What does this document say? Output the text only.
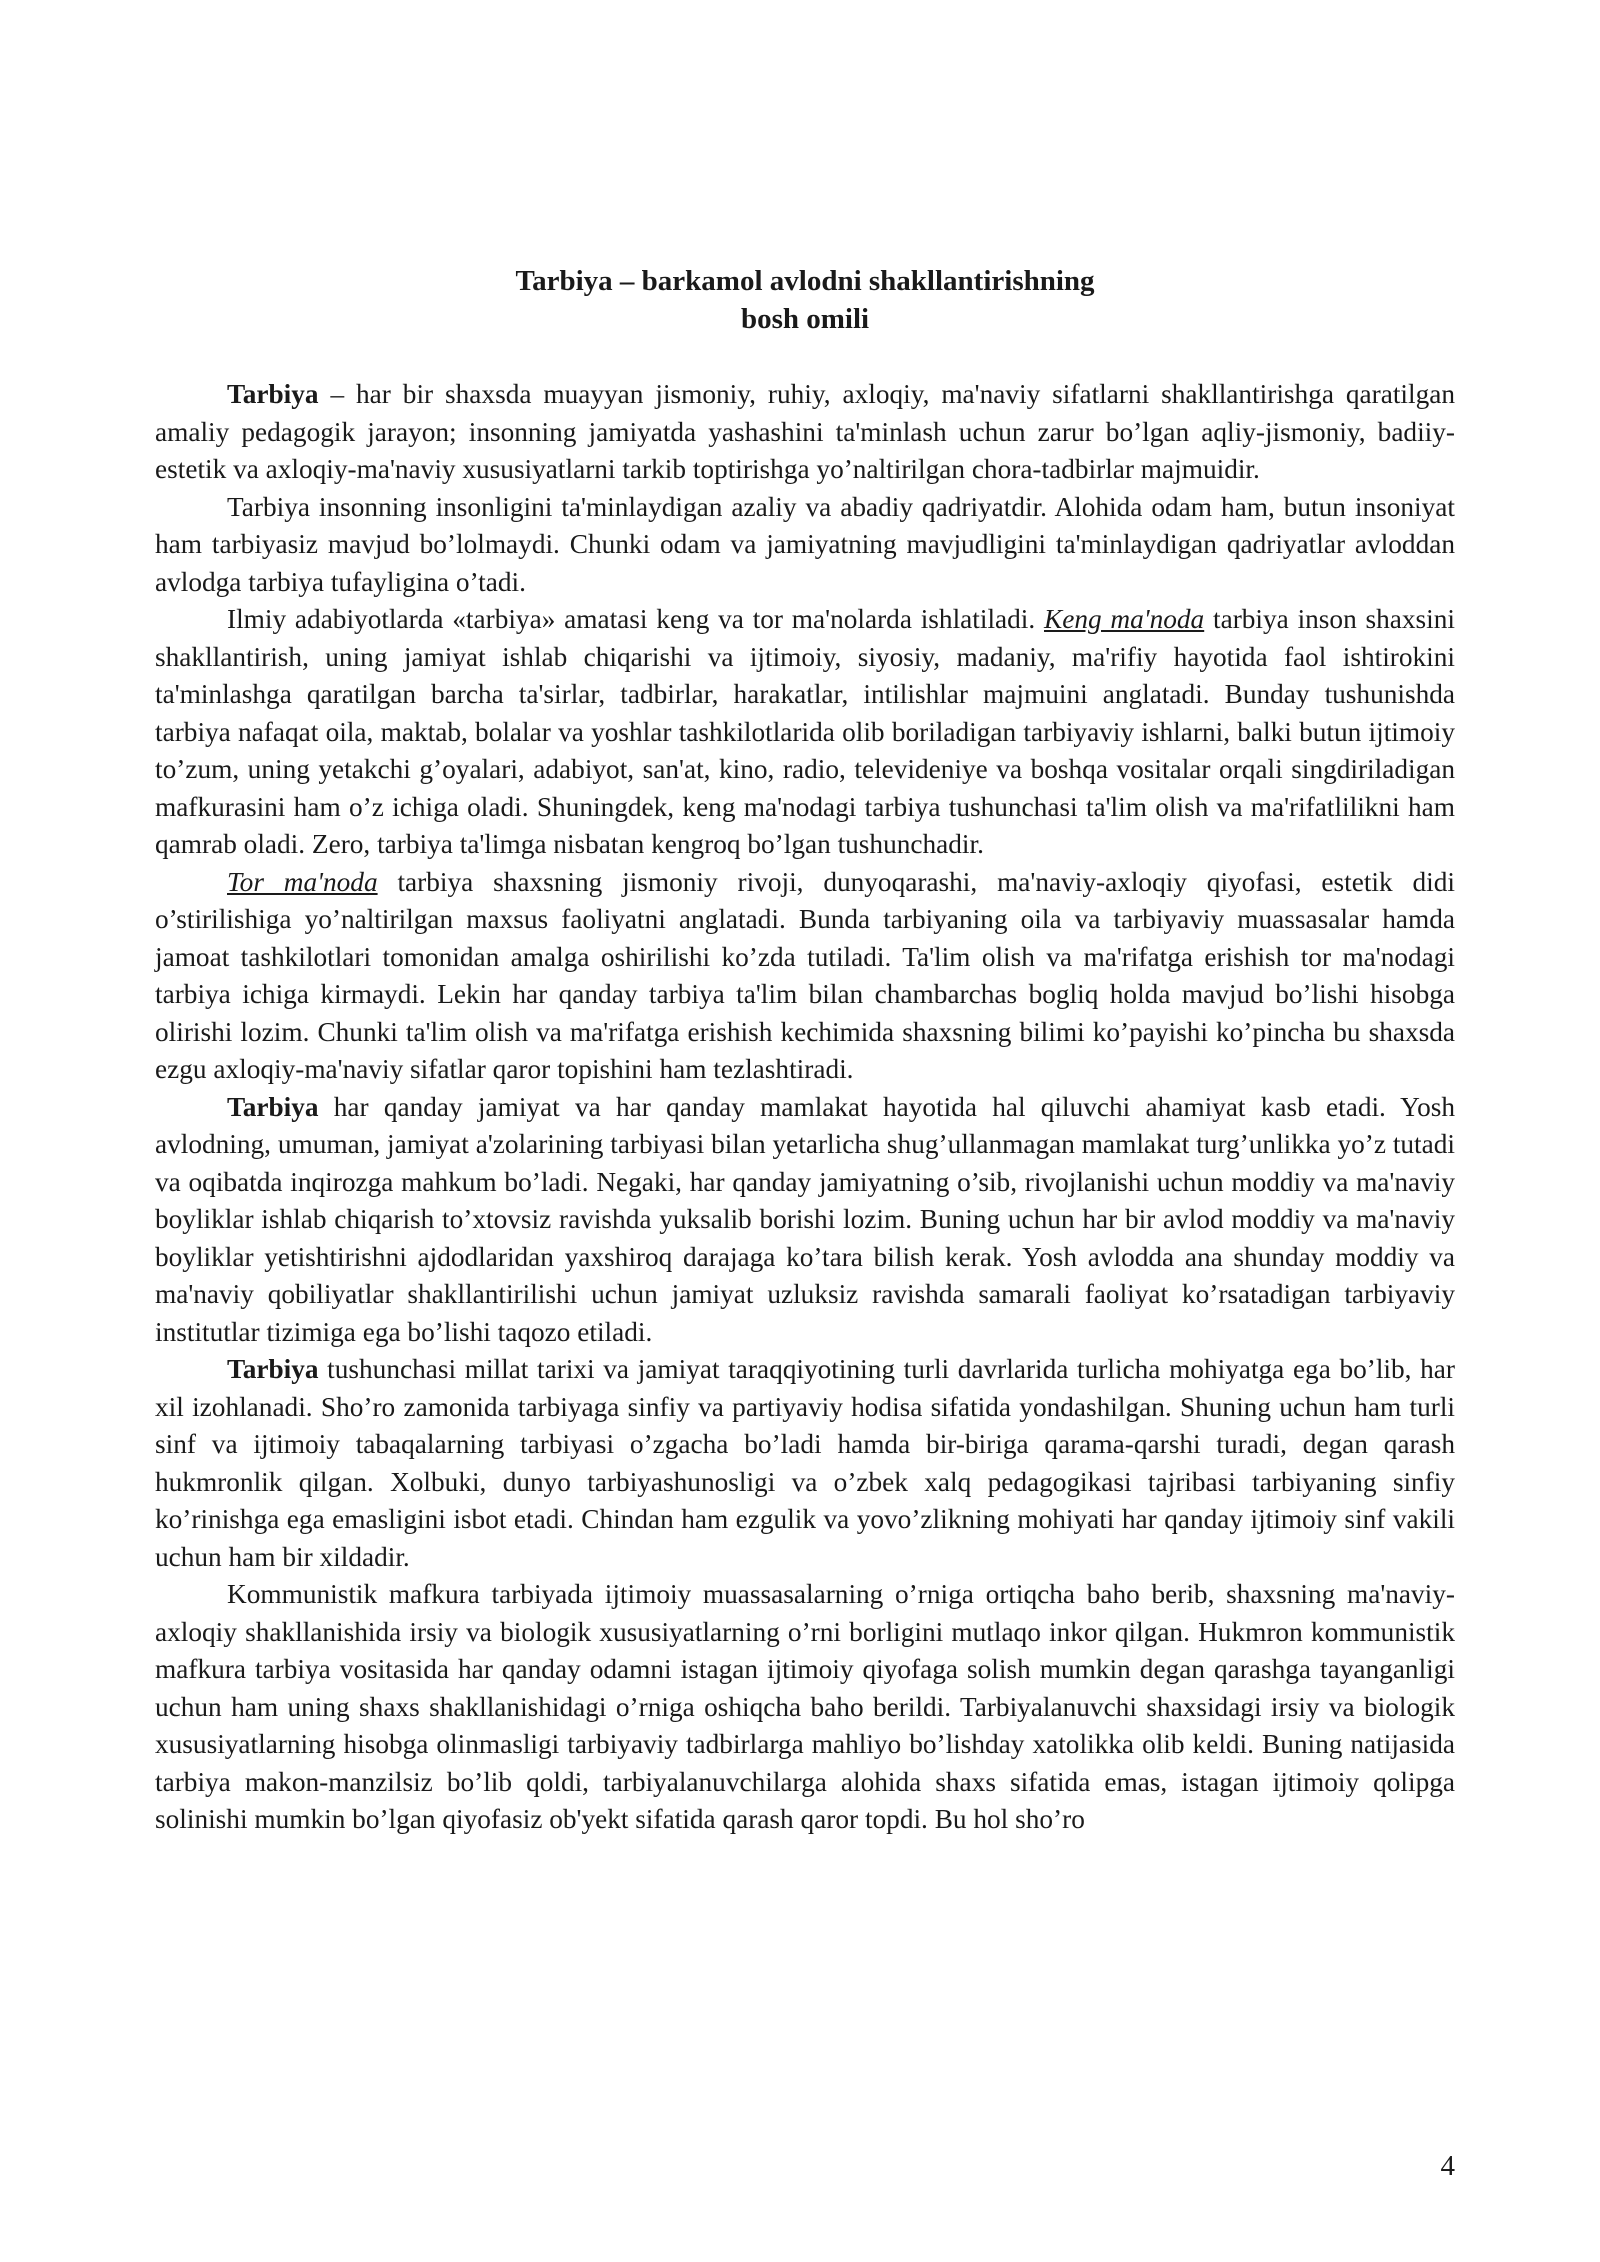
Tarbiya – barkamol avlodni shakllantirishning
bosh omili

Tarbiya – har bir shaxsda muayyan jismoniy, ruhiy, axloqiy, ma'naviy sifatlarni shakllantirishga qaratilgan amaliy pedagogik jarayon; insonning jamiyatda yashashini ta'minlash uchun zarur bo’lgan aqliy-jismoniy, badiiy-estetik va axloqiy-ma'naviy xususiyatlarni tarkib toptirishga yo’naltirilgan chora-tadbirlar majmuidir.

Tarbiya insonning insonligini ta'minlaydigan azaliy va abadiy qadriyatdir. Alohida odam ham, butun insoniyat ham tarbiyasiz mavjud bo’lolmaydi. Chunki odam va jamiyatning mavjudligini ta'minlaydigan qadriyatlar avloddan avlodga tarbiya tufayligina o’tadi.

Ilmiy adabiyotlarda «tarbiya» amatasi keng va tor ma'nolarda ishlatiladi. Keng ma'noda tarbiya inson shaxsini shakllantirish, uning jamiyat ishlab chiqarishi va ijtimoiy, siyosiy, madaniy, ma'rifiy hayotida faol ishtirokini ta'minlashga qaratilgan barcha ta'sirlar, tadbirlar, harakatlar, intilishlar majmuini anglatadi. Bunday tushunishda tarbiya nafaqat oila, maktab, bolalar va yoshlar tashkilotlarida olib boriladigan tarbiyaviy ishlarni, balki butun ijtimoiy to’zum, uning yetakchi g’oyalari, adabiyot, san'at, kino, radio, televideniye va boshqa vositalar orqali singdiriladigan mafkurasini ham o’z ichiga oladi. Shuningdek, keng ma'nodagi tarbiya tushunchasi ta'lim olish va ma'rifatlilikni ham qamrab oladi. Zero, tarbiya ta'limga nisbatan kengroq bo’lgan tushunchadir.

Tor ma'noda tarbiya shaxsning jismoniy rivoji, dunyoqarashi, ma'naviy-axloqiy qiyofasi, estetik didi o’stirilishiga yo’naltirilgan maxsus faoliyatni anglatadi. Bunda tarbiyaning oila va tarbiyaviy muassasalar hamda jamoat tashkilotlari tomonidan amalga oshirilishi ko’zda tutiladi. Ta'lim olish va ma'rifatga erishish tor ma'nodagi tarbiya ichiga kirmaydi. Lekin har qanday tarbiya ta'lim bilan chambarchas bogliq holda mavjud bo’lishi hisobga olirishi lozim. Chunki ta'lim olish va ma'rifatga erishish kechimida shaxsning bilimi ko’payishi ko’pincha bu shaxsda ezgu axloqiy-ma'naviy sifatlar qaror topishini ham tezlashtiradi.

Tarbiya har qanday jamiyat va har qanday mamlakat hayotida hal qiluvchi ahamiyat kasb etadi. Yosh avlodning, umuman, jamiyat a'zolarining tarbiyasi bilan yetarlicha shug’ullanmagan mamlakat turg’unlikka yo’z tutadi va oqibatda inqirozga mahkum bo’ladi. Negaki, har qanday jamiyatning o’sib, rivojlanishi uchun moddiy va ma'naviy boyliklar ishlab chiqarish to’xtovsiz ravishda yuksalib borishi lozim. Buning uchun har bir avlod moddiy va ma'naviy boyliklar yetishtirishni ajdodlaridan yaxshiroq darajaga ko’tara bilish kerak. Yosh avlodda ana shunday moddiy va ma'naviy qobiliyatlar shakllantirilishi uchun jamiyat uzluksiz ravishda samarali faoliyat ko’rsatadigan tarbiyaviy institutlar tizimiga ega bo’lishi taqozo etiladi.

Tarbiya tushunchasi millat tarixi va jamiyat taraqqiyotining turli davrlarida turlicha mohiyatga ega bo’lib, har xil izohlanadi. Sho’ro zamonida tarbiyaga sinfiy va partiyaviy hodisa sifatida yondashilgan. Shuning uchun ham turli sinf va ijtimoiy tabaqalarning tarbiyasi o’zgacha bo’ladi hamda bir-biriga qarama-qarshi turadi, degan qarash hukmronlik qilgan. Xolbuki, dunyo tarbiyashunosligi va o’zbek xalq pedagogikasi tajribasi tarbiyaning sinfiy ko’rinishga ega emasligini isbot etadi. Chindan ham ezgulik va yovo’zlikning mohiyati har qanday ijtimoiy sinf vakili uchun ham bir xildadir.

Kommunistik mafkura tarbiyada ijtimoiy muassasalarning o’rniga ortiqcha baho berib, shaxsning ma'naviy-axloqiy shakllanishida irsiy va biologik xususiyatlarning o’rni borligini mutlaqo inkor qilgan. Hukmron kommunistik mafkura tarbiya vositasida har qanday odamni istagan ijtimoiy qiyofaga solish mumkin degan qarashga tayanganligi uchun ham uning shaxs shakllanishidagi o’rniga oshiqcha baho berildi. Tarbiyalanuvchi shaxsidagi irsiy va biologik xususiyatlarning hisobga olinmasligi tarbiyaviy tadbirlarga mahliyo bo’lishday xatolikka olib keldi. Buning natijasida tarbiya makon-manzilsiz bo’lib qoldi, tarbiyalanuvchilarga alohida shaxs sifatida emas, istagan ijtimoiy qolipga solinishi mumkin bo’lgan qiyofasiz ob'yekt sifatida qarash qaror topdi. Bu hol sho’ro

4
